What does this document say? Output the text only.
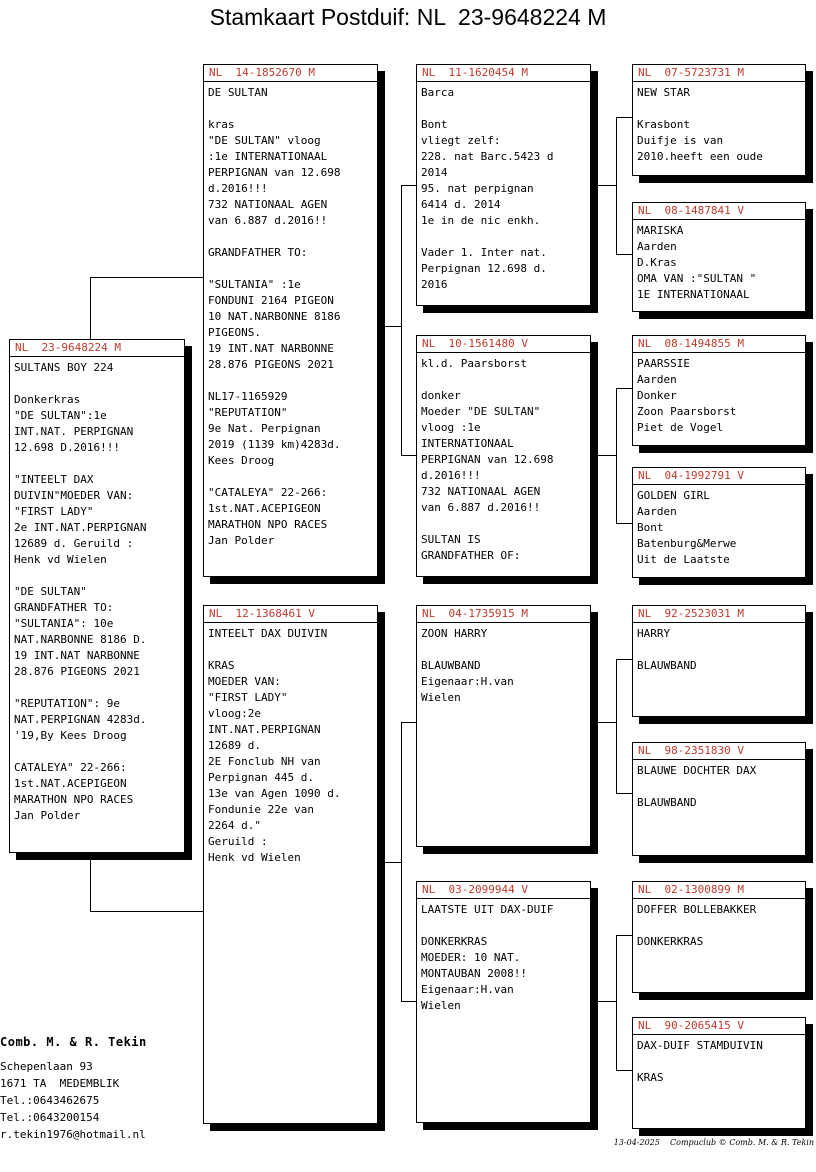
Stamkaart Postduif: NL  23-9648224 M
NL  23-9648224 M
SULTANS BOY 224
Donkerkras
"DE SULTAN":1e
INT.NAT. PERPIGNAN
12.698 D.2016!!!
"INTEELT DAX
DUIVIN"MOEDER VAN:
"FIRST LADY"
2e INT.NAT.PERPIGNAN
12689 d. Geruild :
Henk vd Wielen
"DE SULTAN"
GRANDFATHER TO:
"SULTANIA": 10e
NAT.NARBONNE 8186 D.
19 INT.NAT NARBONNE
28.876 PIGEONS 2021
"REPUTATION": 9e
NAT.PERPIGNAN 4283d.
'19,By Kees Droog
CATALEYA" 22-266:
1st.NAT.ACEPIGEON
MARATHON NPO RACES
Jan Polder
NL  14-1852670 M
DE SULTAN
kras
"DE SULTAN" vloog
:1e INTERNATIONAAL
PERPIGNAN van 12.698
d.2016!!!
732 NATIONAAL AGEN
van 6.887 d.2016!!
GRANDFATHER TO:
"SULTANIA" :1e
FONDUNI 2164 PIGEON
10 NAT.NARBONNE 8186
PIGEONS.
19 INT.NAT NARBONNE
28.876 PIGEONS 2021
NL17-1165929
"REPUTATION"
9e Nat. Perpignan
2019 (1139 km)4283d.
Kees Droog
"CATALEYA" 22-266:
1st.NAT.ACEPIGEON
MARATHON NPO RACES
Jan Polder
NL  12-1368461 V
INTEELT DAX DUIVIN
KRAS
MOEDER VAN:
"FIRST LADY"
vloog:2e
INT.NAT.PERPIGNAN
12689 d.
2E Fonclub NH van
Perpignan 445 d.
13e van Agen 1090 d.
Fondunie 22e van
2264 d."
Geruild :
Henk vd Wielen
NL  11-1620454 M
Barca
Bont
vliegt zelf:
228. nat Barc.5423 d
2014
95. nat perpignan
6414 d. 2014
1e in de nic enkh.
Vader 1. Inter nat.
Perpignan 12.698 d.
2016
NL  10-1561480 V
kl.d. Paarsborst
donker
Moeder "DE SULTAN"
vloog :1e
INTERNATIONAAL
PERPIGNAN van 12.698
d.2016!!!
732 NATIONAAL AGEN
van 6.887 d.2016!!
SULTAN IS
GRANDFATHER OF:
NL  04-1735915 M
ZOON HARRY
BLAUWBAND
Eigenaar:H.van
Wielen
NL  03-2099944 V
LAATSTE UIT DAX-DUIF
DONKERKRAS
MOEDER: 10 NAT.
MONTAUBAN 2008!!
Eigenaar:H.van
Wielen
NL  07-5723731 M
NEW STAR
Krasbont
Duifje is van
2010.heeft een oude
NL  08-1487841 V
MARISKA
Aarden
D.Kras
OMA VAN :"SULTAN "
1E INTERNATIONAAL
NL  08-1494855 M
PAARSSIE
Aarden
Donker
Zoon Paarsborst
Piet de Vogel
NL  04-1992791 V
GOLDEN GIRL
Aarden
Bont
Batenburg&Merwe
Uit de Laatste
NL  92-2523031 M
HARRY
BLAUWBAND
NL  98-2351830 V
BLAUWE DOCHTER DAX
BLAUWBAND
NL  02-1300899 M
DOFFER BOLLEBAKKER
DONKERKRAS
NL  90-2065415 V
DAX-DUIF STAMDUIVIN
KRAS
Comb. M. & R. Tekin
Schepenlaan 93
1671 TA  MEDEMBLIK
Tel.:0643462675
Tel.:0643200154
r.tekin1976@hotmail.nl
13-04-2025    Compuclub © Comb. M. & R. Tekin
